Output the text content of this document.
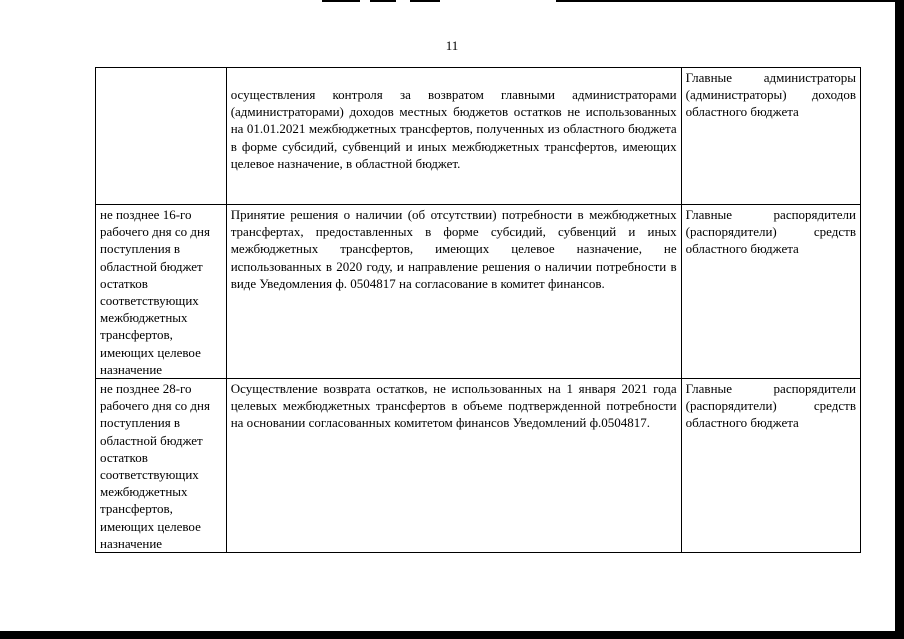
11
	осуществления контроля за возвратом главными администраторами (администраторами) доходов местных бюджетов остатков не использованных на 01.01.2021 межбюджетных трансфертов, полученных из областного бюджета в форме субсидий, субвенций и иных межбюджетных трансфертов, имеющих целевое назначение, в областной бюджет.	Главные администраторы (администраторы) доходов областного бюджета
не позднее 16-го рабочего дня со дня поступления в областной бюджет остатков соответствующих межбюджетных трансфертов, имеющих целевое назначение	Принятие решения о наличии (об отсутствии) потребности в межбюджетных трансфертах, предоставленных в форме субсидий, субвенций и иных межбюджетных трансфертов, имеющих целевое назначение, не использованных в 2020 году, и направление решения о наличии потребности в виде Уведомления ф. 0504817 на согласование в комитет финансов.	Главные распорядители (распорядители) средств областного бюджета
не позднее 28-го рабочего дня со дня поступления в областной бюджет остатков соответствующих межбюджетных трансфертов, имеющих целевое назначение	Осуществление возврата остатков, не использованных на 1 января 2021 года целевых межбюджетных трансфертов в объеме подтвержденной потребности на основании согласованных комитетом финансов Уведомлений ф.0504817.	Главные распорядители (распорядители) средств областного бюджета
